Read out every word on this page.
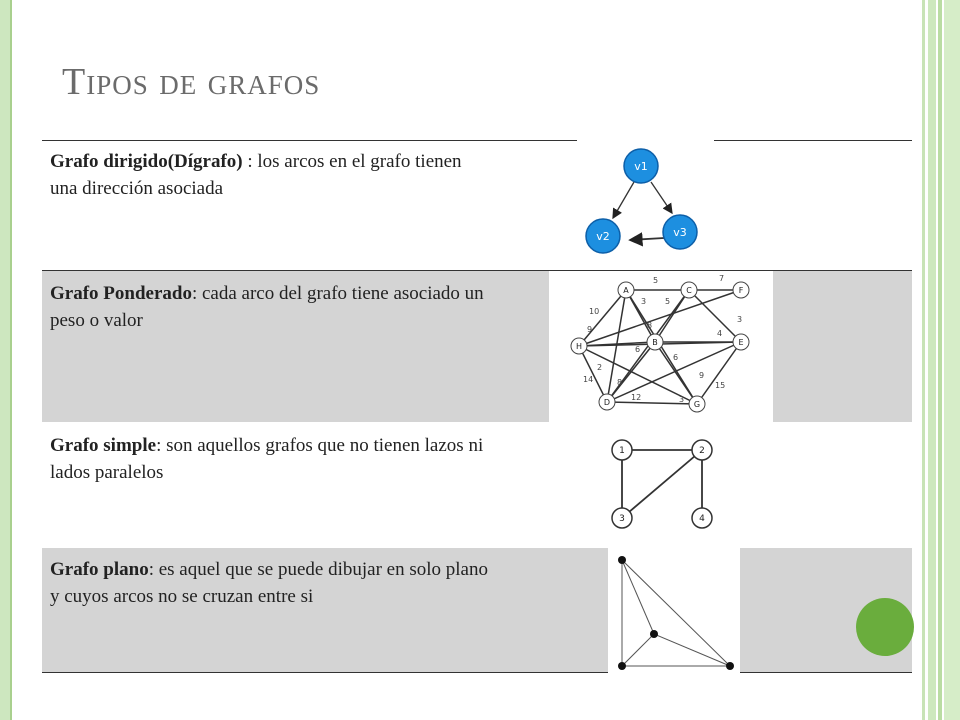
Tipos de grafos
Grafo dirigido(Dígrafo) : los arcos en el grafo tienen una dirección asociada
v1
v2	v3
Grafo Ponderado: cada arco del grafo tiene asociado un peso o valor
5	7
10
3 5
9	8
6
4
6
14
2
8
9
15
3
12	3
A	C	F
H	B	E
D	G
Grafo simple: son aquellos grafos que no tienen lazos ni lados paralelos
1	2
3	4
Grafo plano: es aquel que se puede dibujar en solo plano y cuyos arcos no se cruzan entre si
